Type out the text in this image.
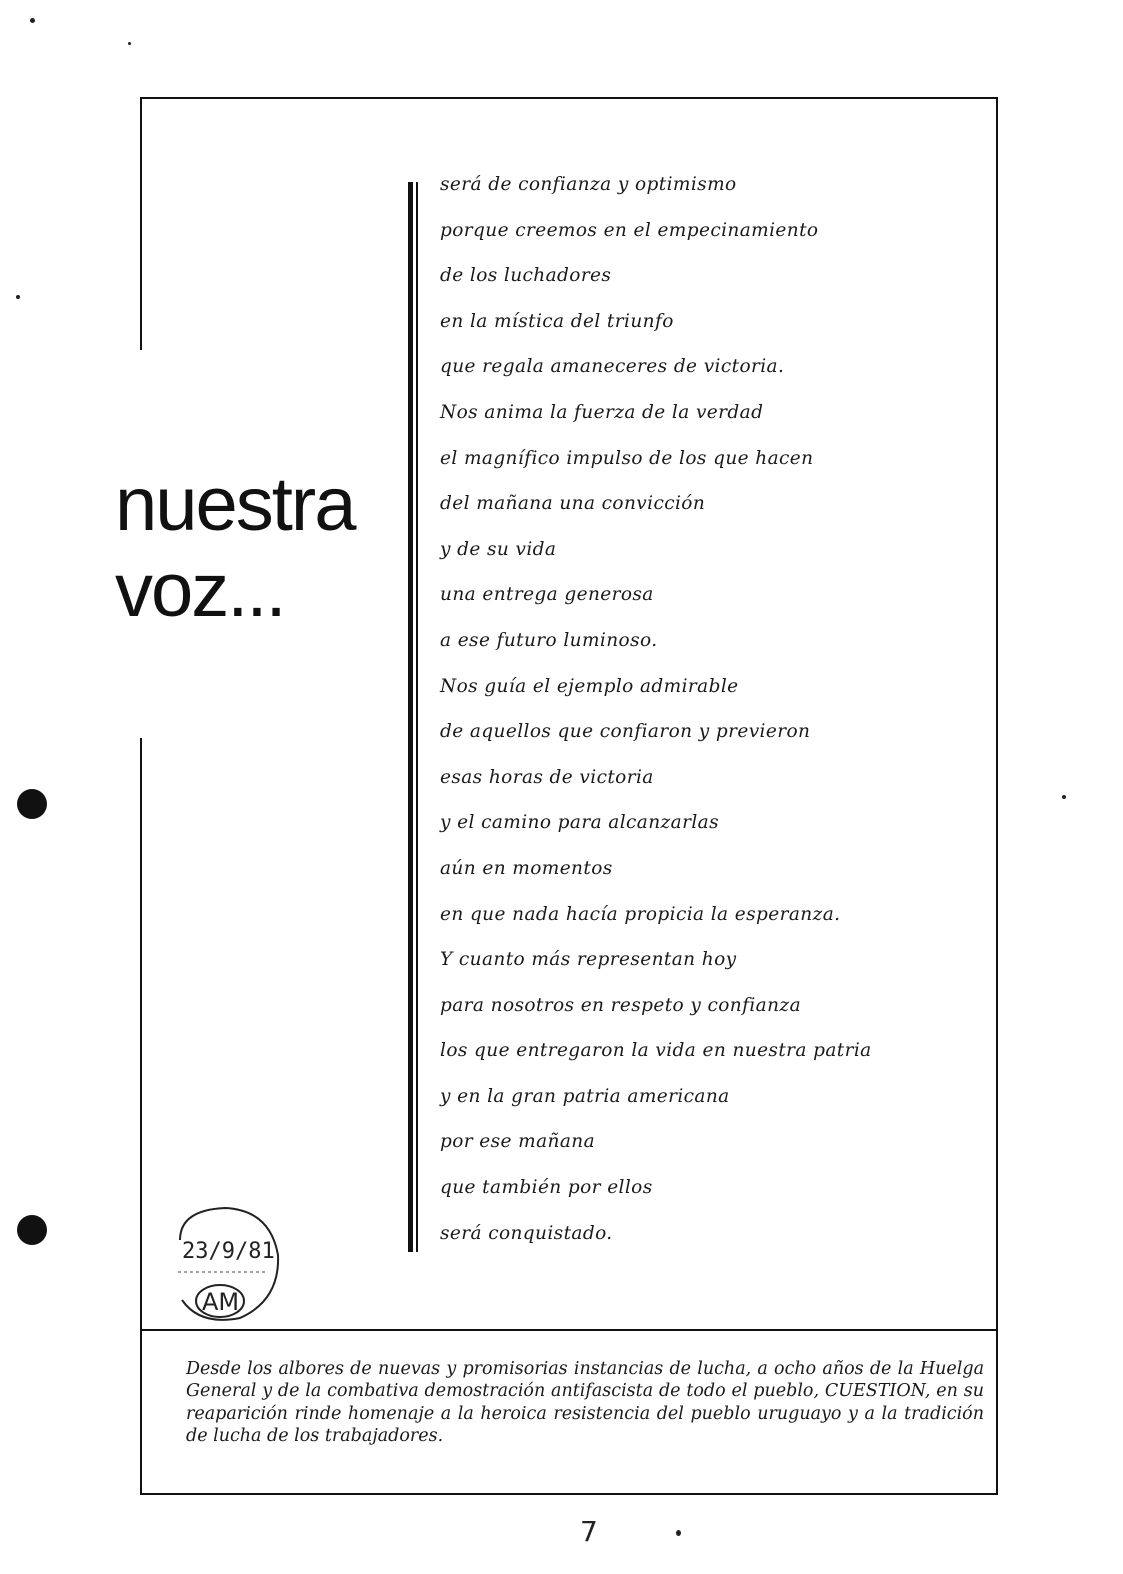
nuestra
voz...
será de confianza y optimismo
porque creemos en el empecinamiento
de los luchadores
en la mística del triunfo
que regala amaneceres de victoria.
Nos anima la fuerza de la verdad
el magnífico impulso de los que hacen
del mañana una convicción
y de su vida
una entrega generosa
a ese futuro luminoso.
Nos guía el ejemplo admirable
de aquellos que confiaron y previeron
esas horas de victoria
y el camino para alcanzarlas
aún en momentos
en que nada hacía propicia la esperanza.
Y cuanto más representan hoy
para nosotros en respeto y confianza
los que entregaron la vida en nuestra patria
y en la gran patria americana
por ese mañana
que también por ellos
será conquistado.
23/9/81
AM

Desde los albores de nuevas y promisorias instancias de lucha, a ocho años de la Huelga General y de la combativa demostración antifascista de todo el pueblo, CUESTION, en su reaparición rinde homenaje a la heroica resistencia del pueblo uruguayo y a la tradición de lucha de los trabajadores.

7
